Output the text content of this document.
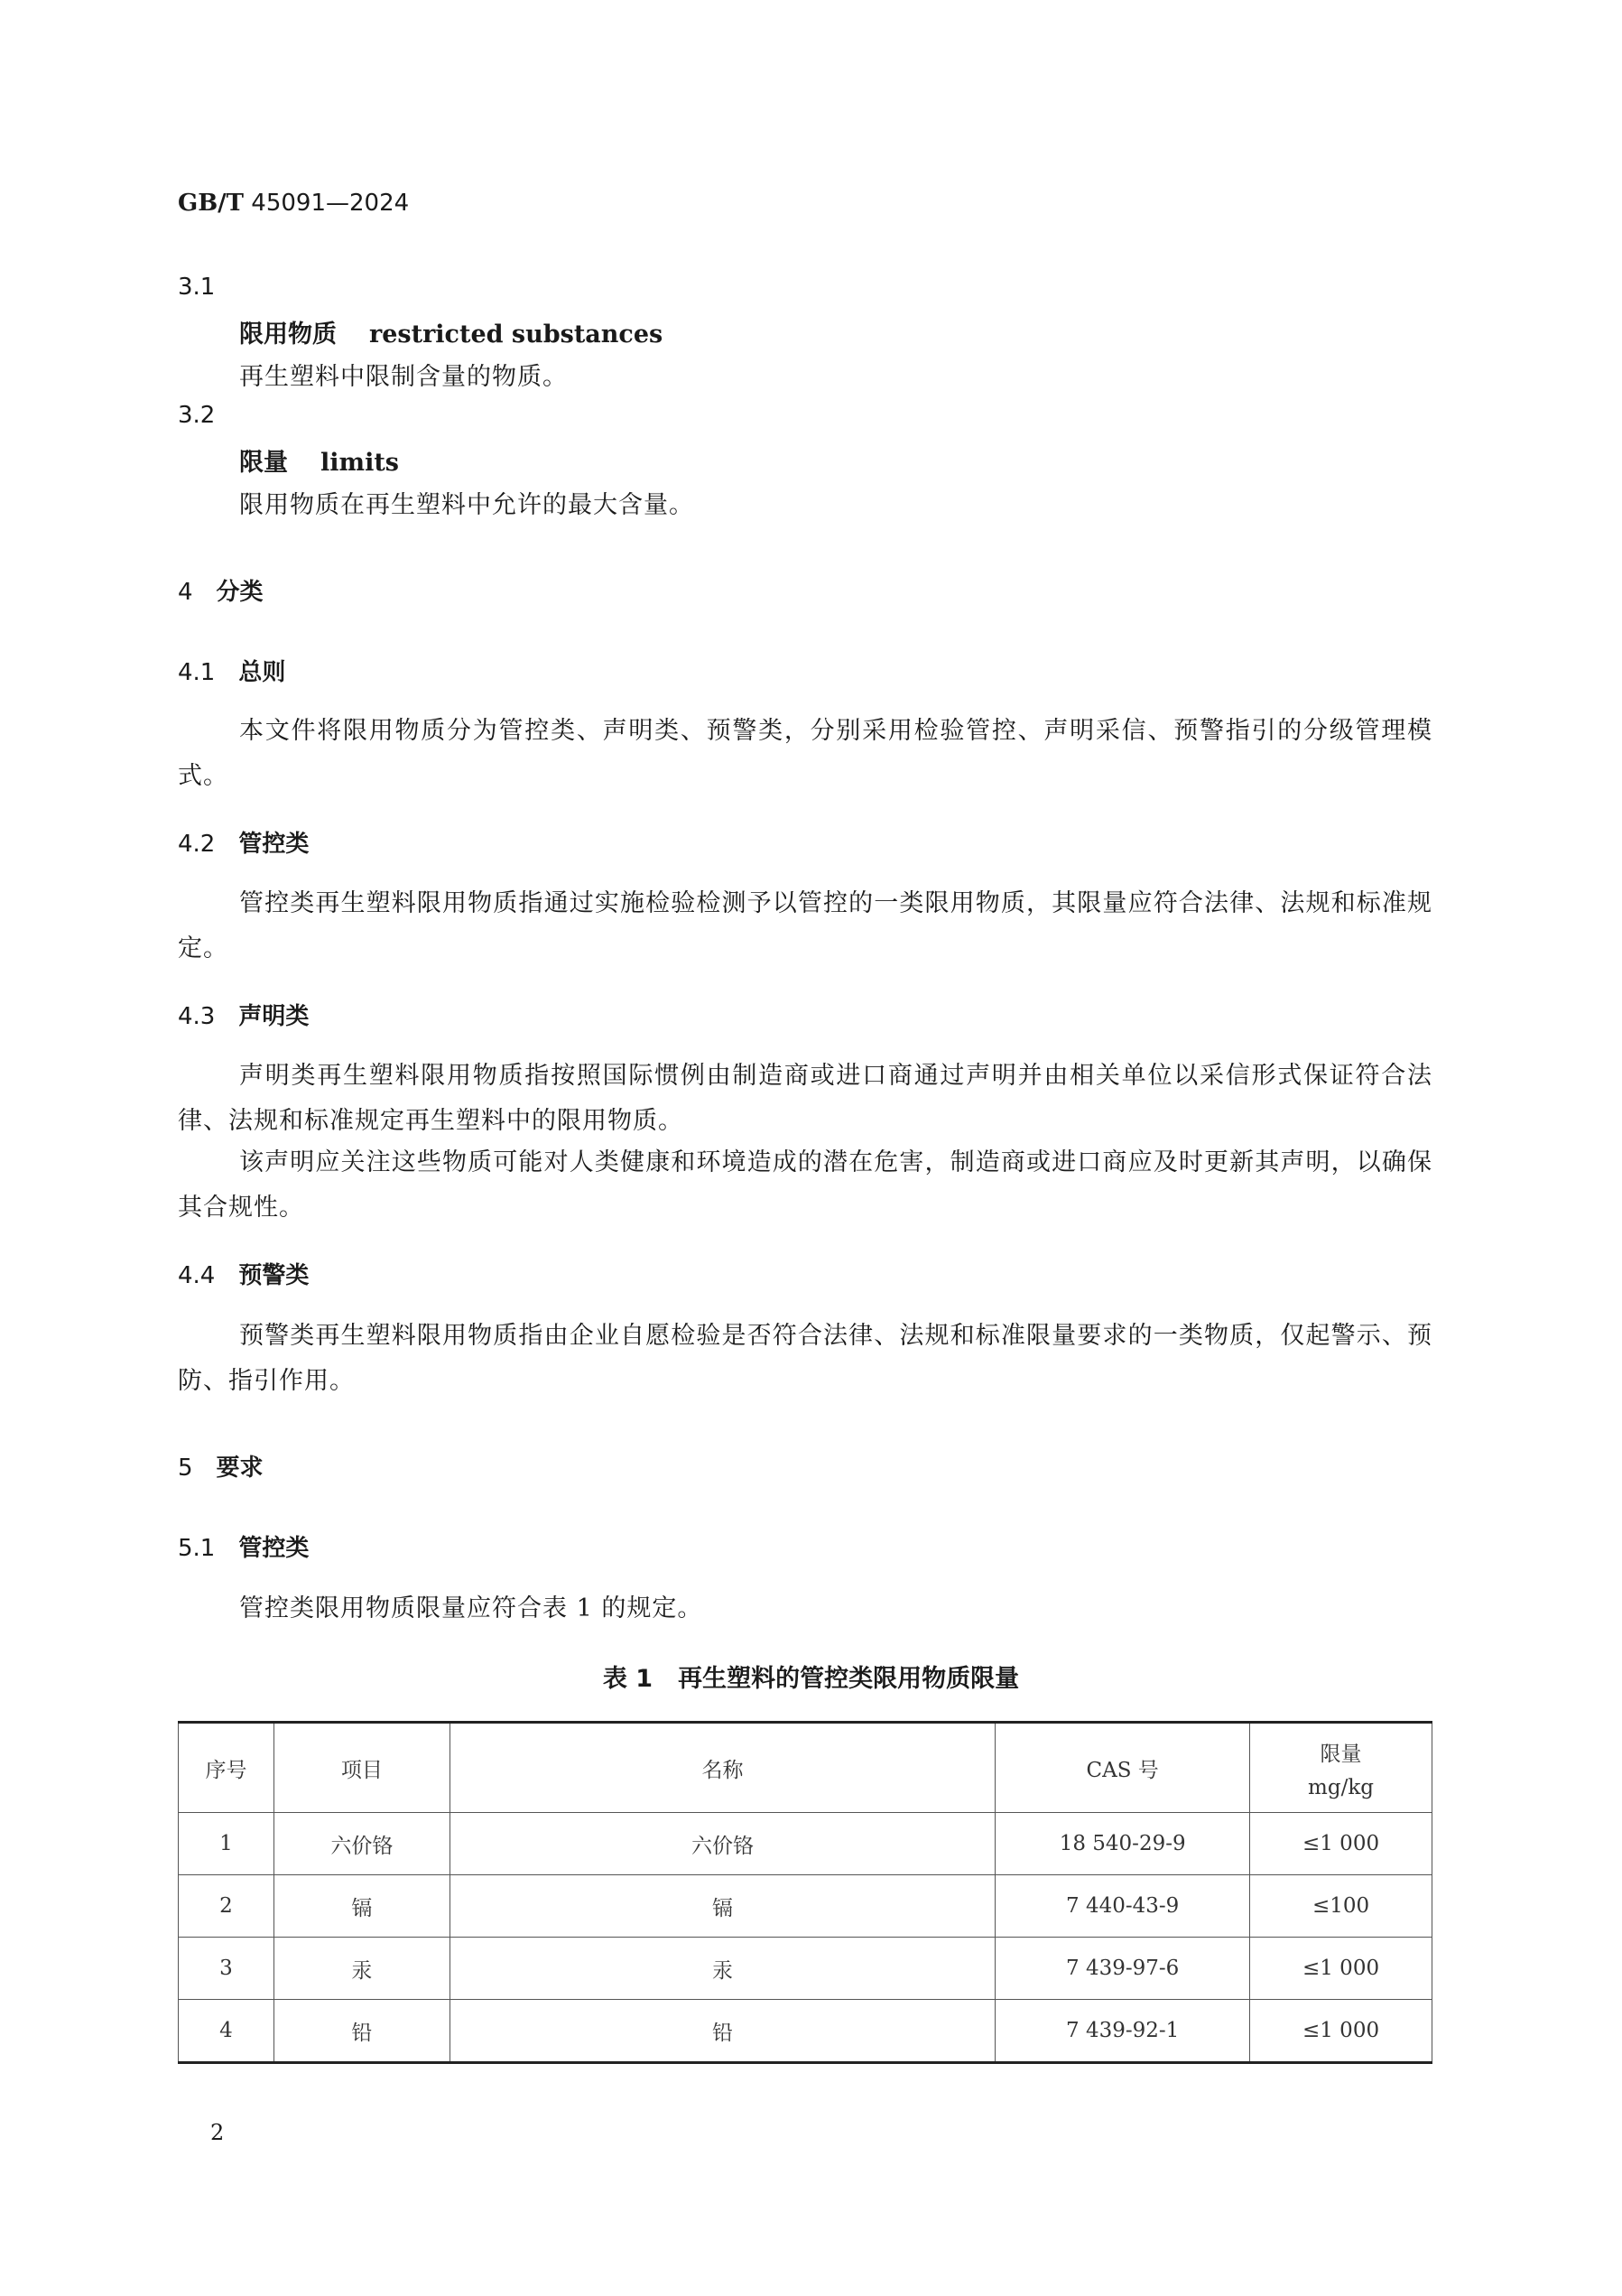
GB/T 45091—2024
3.1
限用物质 restricted substances
再生塑料中限制含量的物质。
3.2
限量 limits
限用物质在再生塑料中允许的最大含量。
4 分类
4.1 总则
本文件将限用物质分为管控类、声明类、预警类，分别采用检验管控、声明采信、预警指引的分级管理模式。
4.2 管控类
管控类再生塑料限用物质指通过实施检验检测予以管控的一类限用物质，其限量应符合法律、法规和标准规定。
4.3 声明类
声明类再生塑料限用物质指按照国际惯例由制造商或进口商通过声明并由相关单位以采信形式保证符合法律、法规和标准规定再生塑料中的限用物质。
该声明应关注这些物质可能对人类健康和环境造成的潜在危害，制造商或进口商应及时更新其声明，以确保其合规性。
4.4 预警类
预警类再生塑料限用物质指由企业自愿检验是否符合法律、法规和标准限量要求的一类物质，仅起警示、预防、指引作用。
5 要求
5.1 管控类
管控类限用物质限量应符合表 1 的规定。
表 1 再生塑料的管控类限用物质限量
序号	项目	名称	CAS 号	限量
mg/kg

1	六价铬	六价铬	18 540-29-9	≤1 000
2	镉	镉	7 440-43-9	≤100
3	汞	汞	7 439-97-6	≤1 000
4	铅	铅	7 439-92-1	≤1 000
2
